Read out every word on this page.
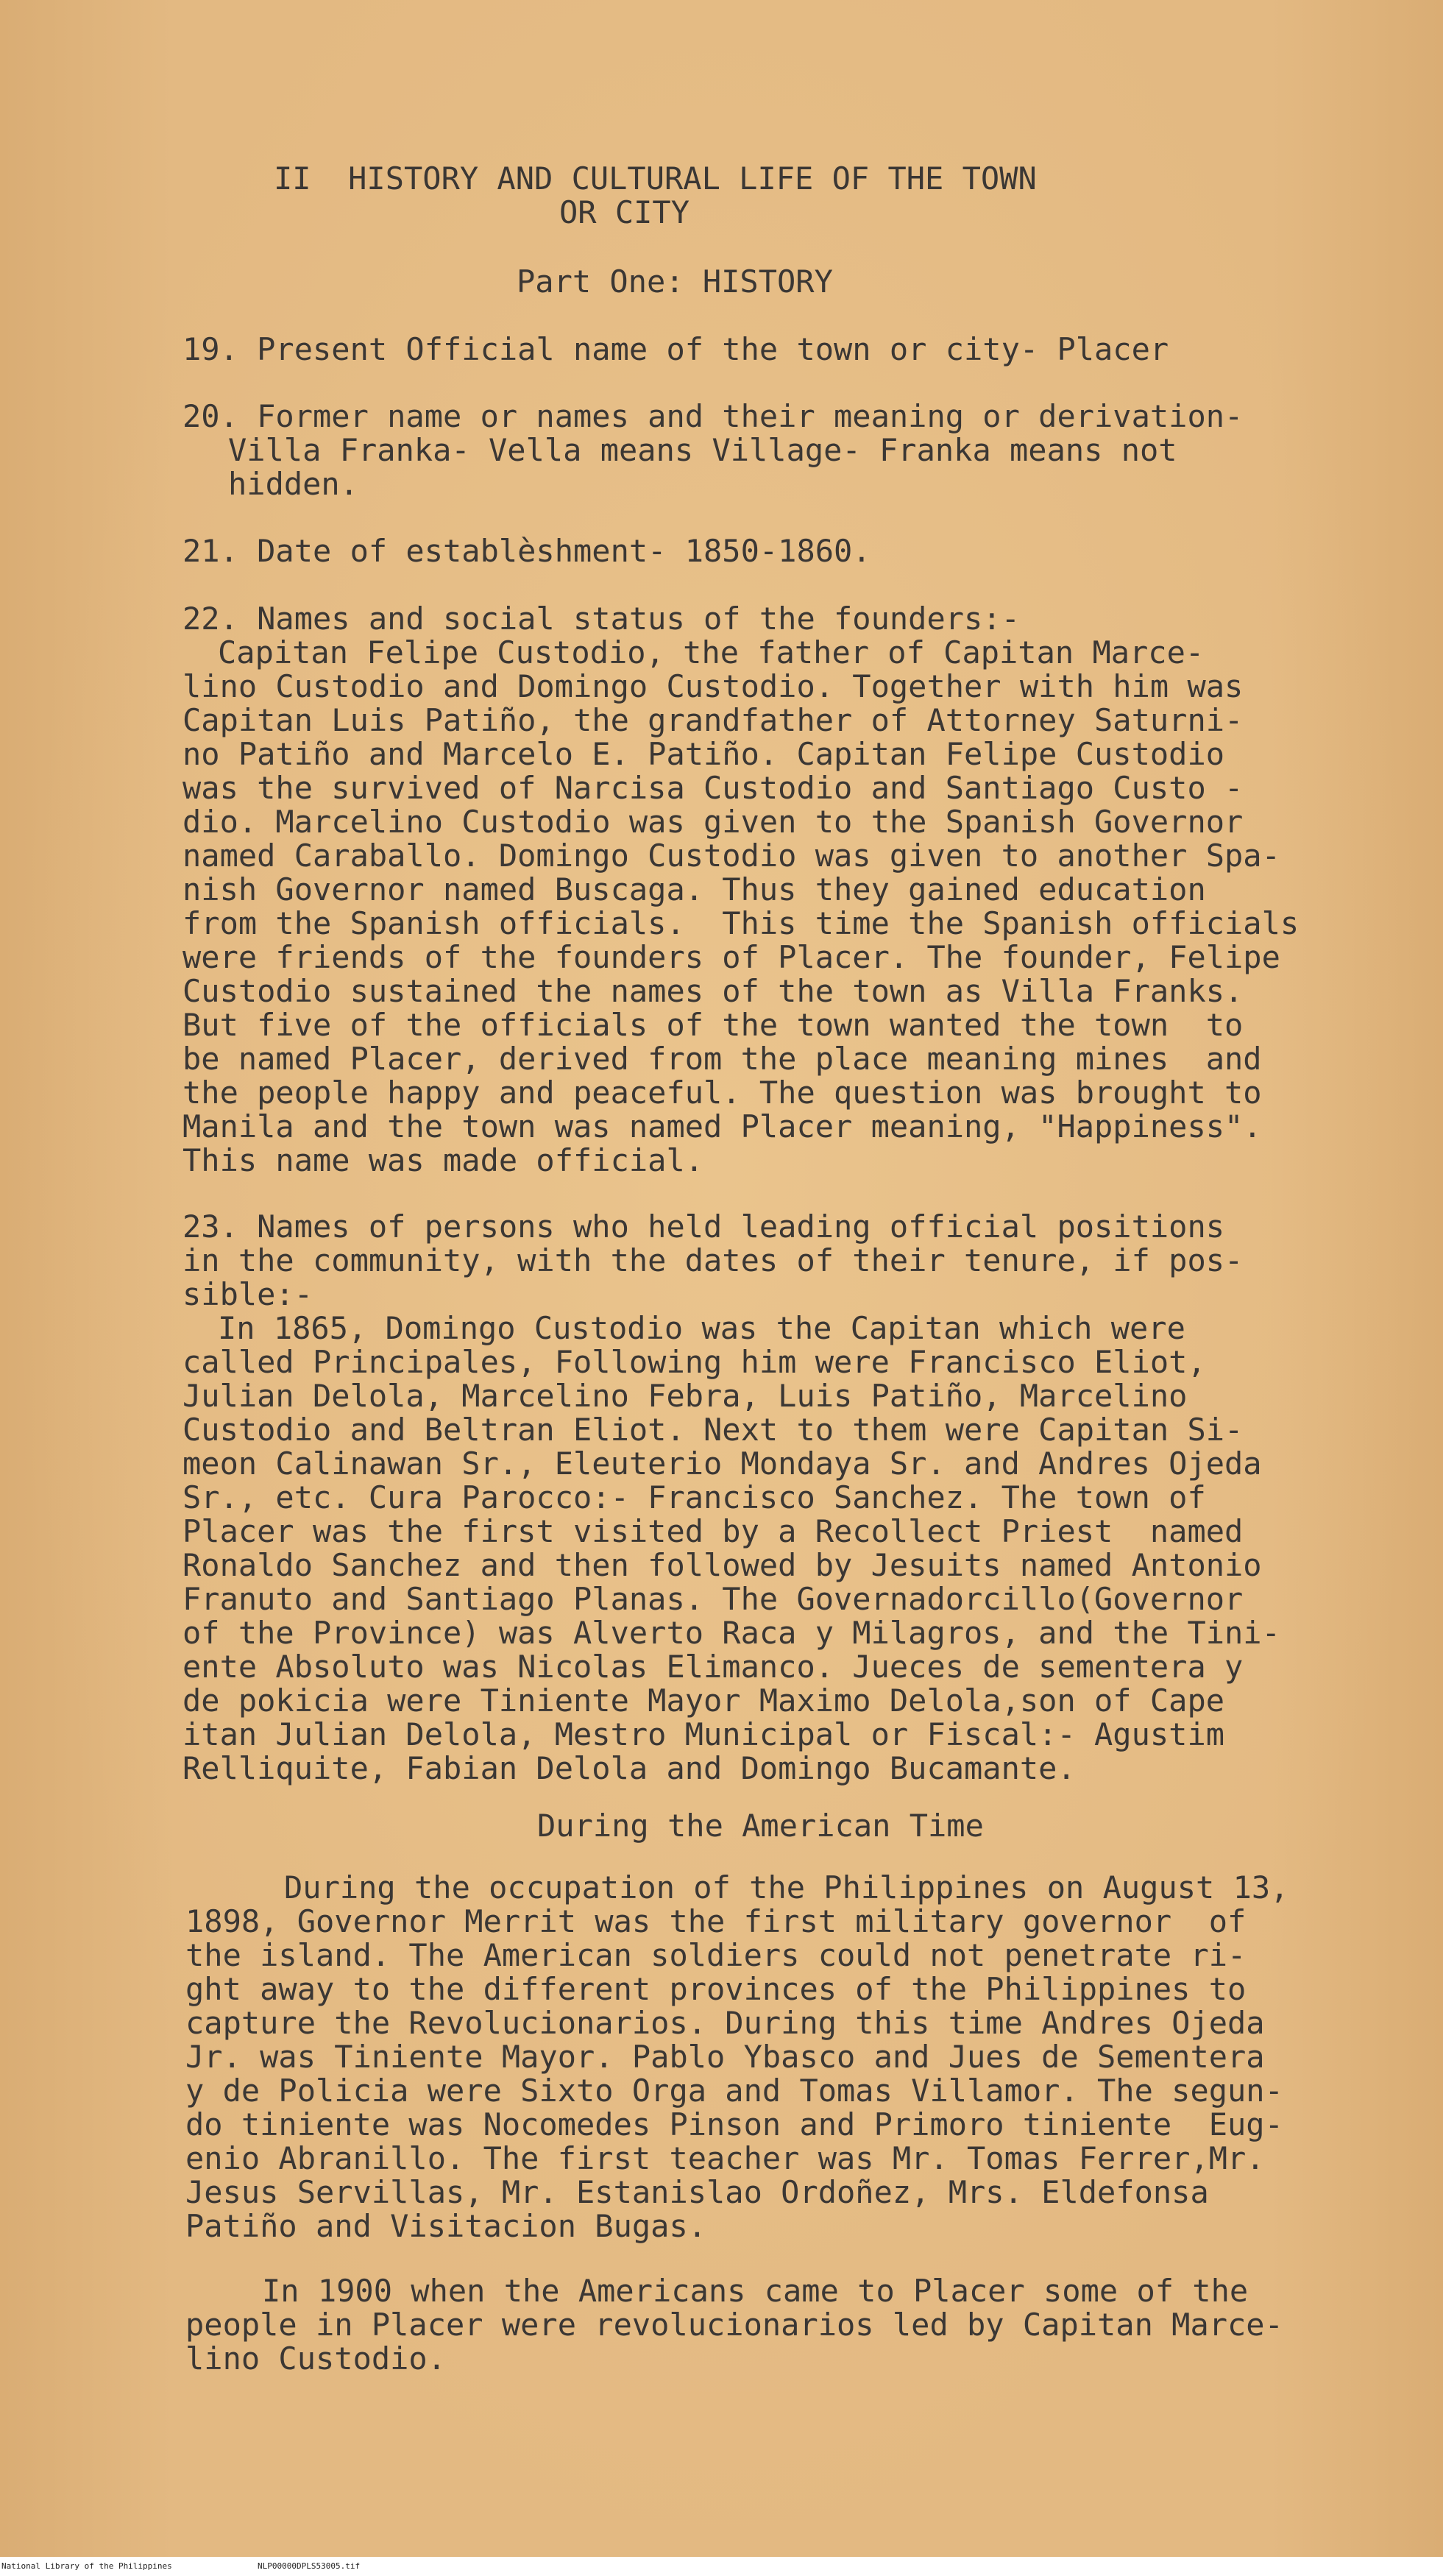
II  HISTORY AND CULTURAL LIFE OF THE TOWN
OR CITY
Part One: HISTORY
19. Present Official name of the town or city- Placer
20. Former name or names and their meaning or derivation-
Villa Franka- Vella means Village- Franka means not
hidden.
21. Date of establèshment- 1850-1860.
22. Names and social status of the founders:-
Capitan Felipe Custodio, the father of Capitan Marce-
lino Custodio and Domingo Custodio. Together with him was
Capitan Luis Patiño, the grandfather of Attorney Saturni-
no Patiño and Marcelo E. Patiño. Capitan Felipe Custodio
was the survived of Narcisa Custodio and Santiago Custo -
dio. Marcelino Custodio was given to the Spanish Governor
named Caraballo. Domingo Custodio was given to another Spa-
nish Governor named Buscaga. Thus they gained education
from the Spanish officials.  This time the Spanish officials
were friends of the founders of Placer. The founder, Felipe
Custodio sustained the names of the town as Villa Franks.
But five of the officials of the town wanted the town  to
be named Placer, derived from the place meaning mines  and
the people happy and peaceful. The question was brought to
Manila and the town was named Placer meaning, "Happiness".
This name was made official.
23. Names of persons who held leading official positions
in the community, with the dates of their tenure, if pos-
sible:-
In 1865, Domingo Custodio was the Capitan which were
called Principales, Following him were Francisco Eliot,
Julian Delola, Marcelino Febra, Luis Patiño, Marcelino
Custodio and Beltran Eliot. Next to them were Capitan Si-
meon Calinawan Sr., Eleuterio Mondaya Sr. and Andres Ojeda
Sr., etc. Cura Parocco:- Francisco Sanchez. The town of
Placer was the first visited by a Recollect Priest  named
Ronaldo Sanchez and then followed by Jesuits named Antonio
Franuto and Santiago Planas. The Governadorcillo(Governor
of the Province) was Alverto Raca y Milagros, and the Tini-
ente Absoluto was Nicolas Elimanco. Jueces de sementera y
de pokicia were Tiniente Mayor Maximo Delola,son of Cape
itan Julian Delola, Mestro Municipal or Fiscal:- Agustim
Relliquite, Fabian Delola and Domingo Bucamante.
During the American Time
During the occupation of the Philippines on August 13,
1898, Governor Merrit was the first military governor  of
the island. The American soldiers could not penetrate ri-
ght away to the different provinces of the Philippines to
capture the Revolucionarios. During this time Andres Ojeda
Jr. was Tiniente Mayor. Pablo Ybasco and Jues de Sementera
y de Policia were Sixto Orga and Tomas Villamor. The segun-
do tiniente was Nocomedes Pinson and Primoro tiniente  Eug-
enio Abranillo. The first teacher was Mr. Tomas Ferrer,Mr.
Jesus Servillas, Mr. Estanislao Ordoñez, Mrs. Eldefonsa
Patiño and Visitacion Bugas.
In 1900 when the Americans came to Placer some of the
people in Placer were revolucionarios led by Capitan Marce-
lino Custodio.
National Library of the Philippines	NLP00000DPLS53005.tif
